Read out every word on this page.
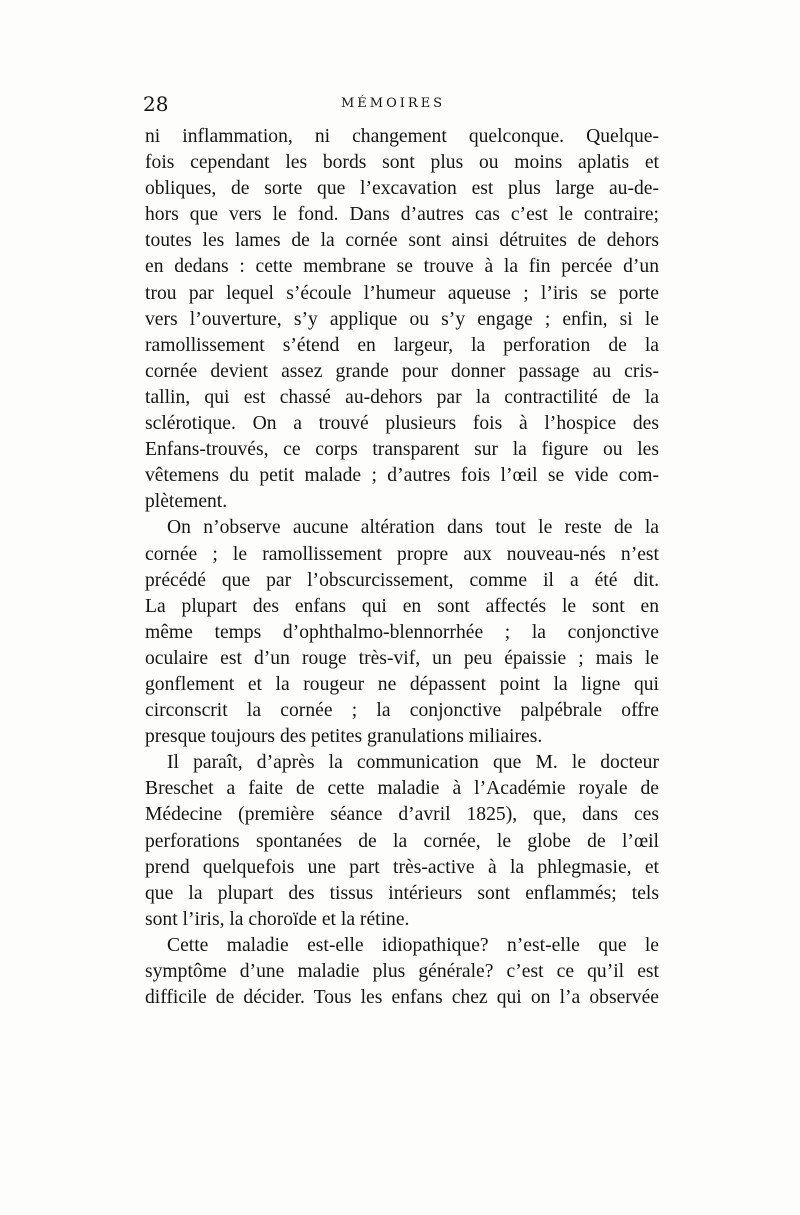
28	MÉMOIRES
ni inflammation, ni changement quelconque. Quelque-
fois cependant les bords sont plus ou moins aplatis et
obliques, de sorte que l’excavation est plus large au-de-
hors que vers le fond. Dans d’autres cas c’est le contraire;
toutes les lames de la cornée sont ainsi détruites de dehors
en dedans : cette membrane se trouve à la fin percée d’un
trou par lequel s’écoule l’humeur aqueuse ; l’iris se porte
vers l’ouverture, s’y applique ou s’y engage ; enfin, si le
ramollissement s’étend en largeur, la perforation de la
cornée devient assez grande pour donner passage au cris-
tallin, qui est chassé au-dehors par la contractilité de la
sclérotique. On a trouvé plusieurs fois à l’hospice des
Enfans-trouvés, ce corps transparent sur la figure ou les
vêtemens du petit malade ; d’autres fois l’œil se vide com-
plètement.
On n’observe aucune altération dans tout le reste de la
cornée ; le ramollissement propre aux nouveau-nés n’est
précédé que par l’obscurcissement, comme il a été dit.
La plupart des enfans qui en sont affectés le sont en
même temps d’ophthalmo-blennorrhée ; la conjonctive
oculaire est d’un rouge très-vif, un peu épaissie ; mais le
gonflement et la rougeur ne dépassent point la ligne qui
circonscrit la cornée ; la conjonctive palpébrale offre
presque toujours des petites granulations miliaires.
Il paraît, d’après la communication que M. le docteur
Breschet a faite de cette maladie à l’Académie royale de
Médecine (première séance d’avril 1825), que, dans ces
perforations spontanées de la cornée, le globe de l’œil
prend quelquefois une part très-active à la phlegmasie, et
que la plupart des tissus intérieurs sont enflammés; tels
sont l’iris, la choroïde et la rétine.
Cette maladie est-elle idiopathique? n’est-elle que le
symptôme d’une maladie plus générale? c’est ce qu’il est
difficile de décider. Tous les enfans chez qui on l’a observée
